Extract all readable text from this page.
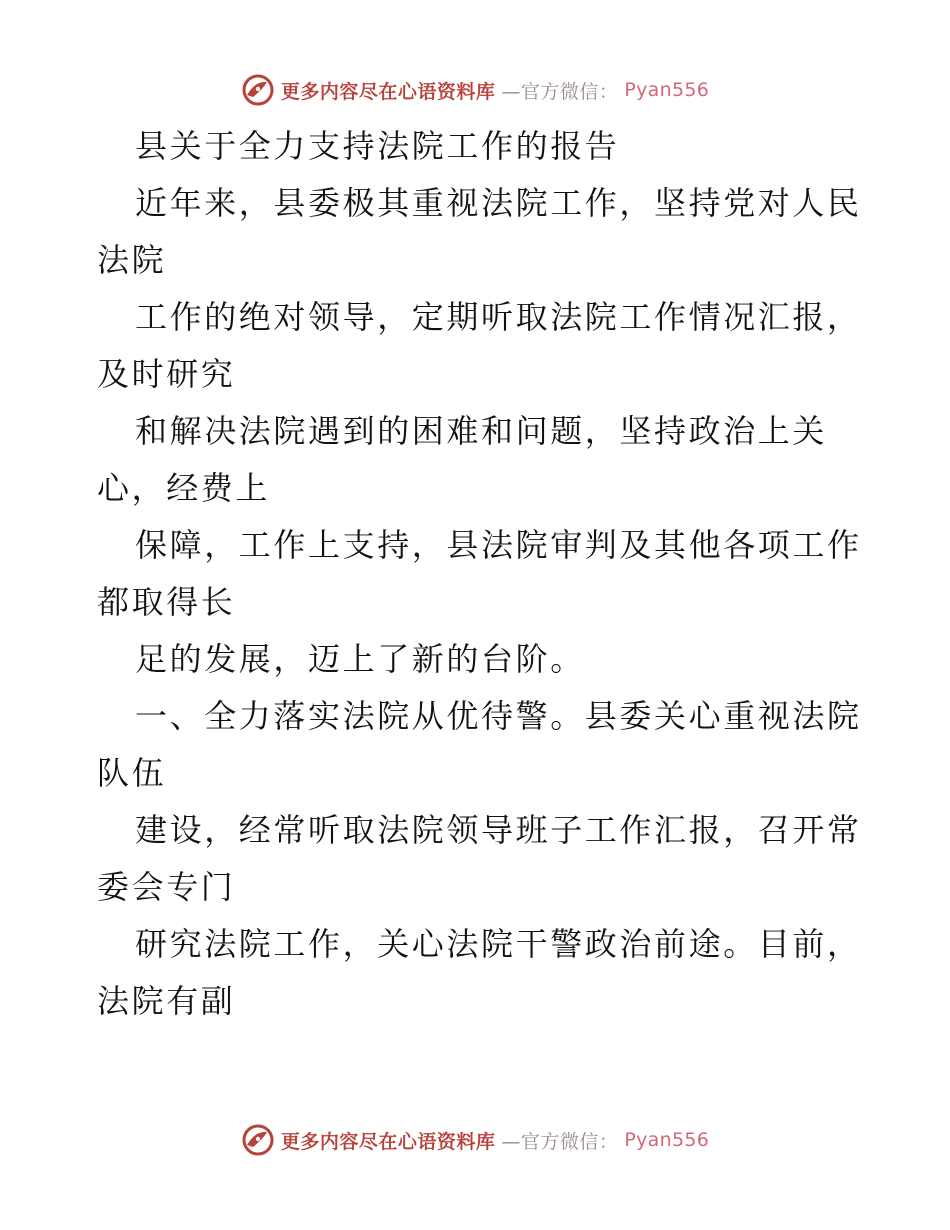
更多内容尽在心语资料库 —官方微信： Pyan556
县关于全力支持法院工作的报告
近年来，县委极其重视法院工作，坚持党对人民
法院
工作的绝对领导，定期听取法院工作情况汇报，
及时研究
和解决法院遇到的困难和问题，坚持政治上关
心，经费上
保障，工作上支持，县法院审判及其他各项工作
都取得长
足的发展，迈上了新的台阶。
一、全力落实法院从优待警。县委关心重视法院
队伍
建设，经常听取法院领导班子工作汇报，召开常
委会专门
研究法院工作，关心法院干警政治前途。目前，
法院有副
更多内容尽在心语资料库 —官方微信： Pyan556
